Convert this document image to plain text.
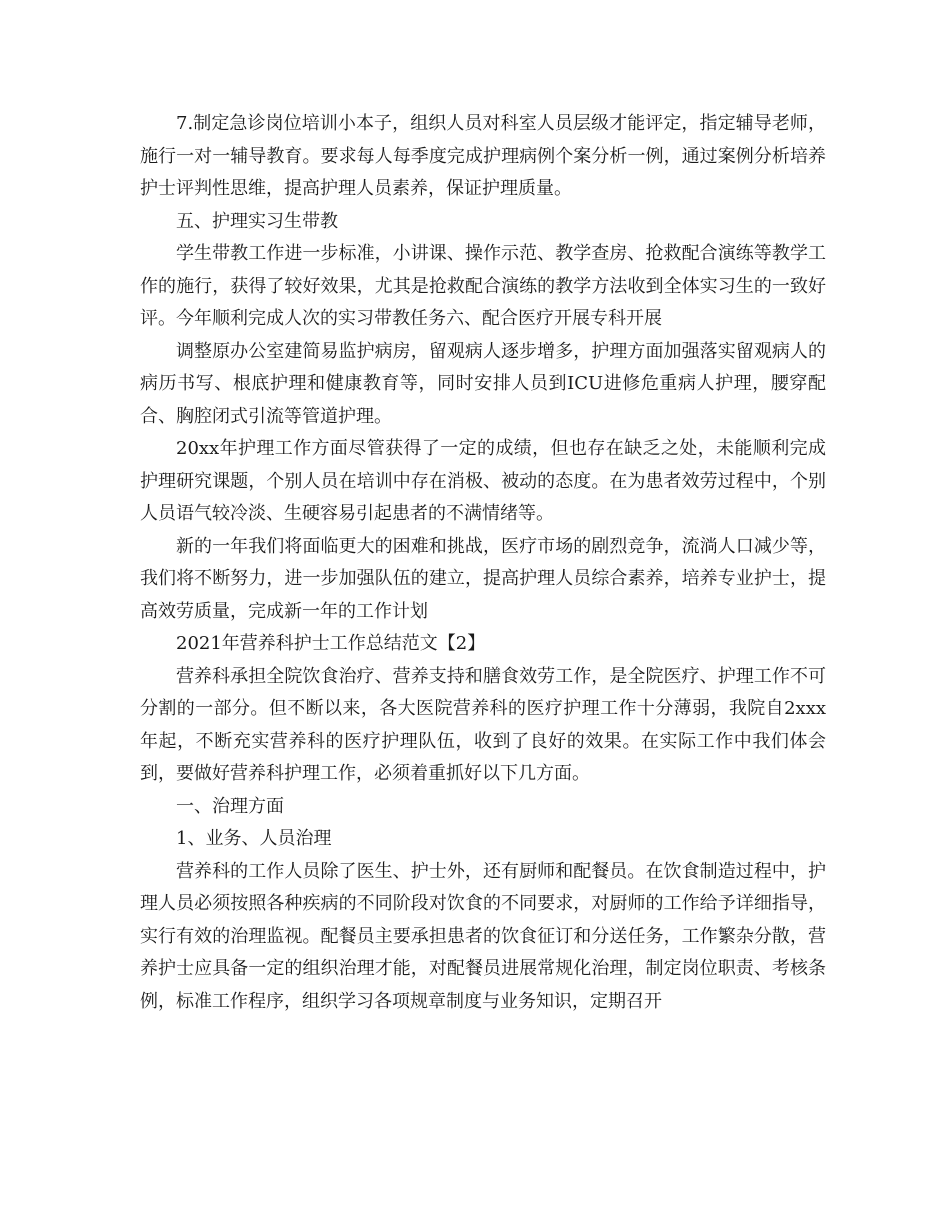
7.制定急诊岗位培训小本子，组织人员对科室人员层级才能评定，指定辅导老师，施行一对一辅导教育。要求每人每季度完成护理病例个案分析一例，通过案例分析培养护士评判性思维，提高护理人员素养，保证护理质量。

五、护理实习生带教

学生带教工作进一步标准，小讲课、操作示范、教学查房、抢救配合演练等教学工作的施行，获得了较好效果，尤其是抢救配合演练的教学方法收到全体实习生的一致好评。今年顺利完成人次的实习带教任务六、配合医疗开展专科开展

调整原办公室建简易监护病房，留观病人逐步增多，护理方面加强落实留观病人的病历书写、根底护理和健康教育等，同时安排人员到ICU进修危重病人护理，腰穿配合、胸腔闭式引流等管道护理。

20xx年护理工作方面尽管获得了一定的成绩，但也存在缺乏之处，未能顺利完成护理研究课题，个别人员在培训中存在消极、被动的态度。在为患者效劳过程中，个别人员语气较冷淡、生硬容易引起患者的不满情绪等。

新的一年我们将面临更大的困难和挑战，医疗市场的剧烈竞争，流淌人口减少等，我们将不断努力，进一步加强队伍的建立，提高护理人员综合素养，培养专业护士，提高效劳质量，完成新一年的工作计划

2021年营养科护士工作总结范文【2】

营养科承担全院饮食治疗、营养支持和膳食效劳工作，是全院医疗、护理工作不可分割的一部分。但不断以来，各大医院营养科的医疗护理工作十分薄弱，我院自2xxx年起，不断充实营养科的医疗护理队伍，收到了良好的效果。在实际工作中我们体会到，要做好营养科护理工作，必须着重抓好以下几方面。

一、治理方面

1、业务、人员治理

营养科的工作人员除了医生、护士外，还有厨师和配餐员。在饮食制造过程中，护理人员必须按照各种疾病的不同阶段对饮食的不同要求，对厨师的工作给予详细指导，实行有效的治理监视。配餐员主要承担患者的饮食征订和分送任务，工作繁杂分散，营养护士应具备一定的组织治理才能，对配餐员进展常规化治理，制定岗位职责、考核条例，标准工作程序，组织学习各项规章制度与业务知识，定期召开
